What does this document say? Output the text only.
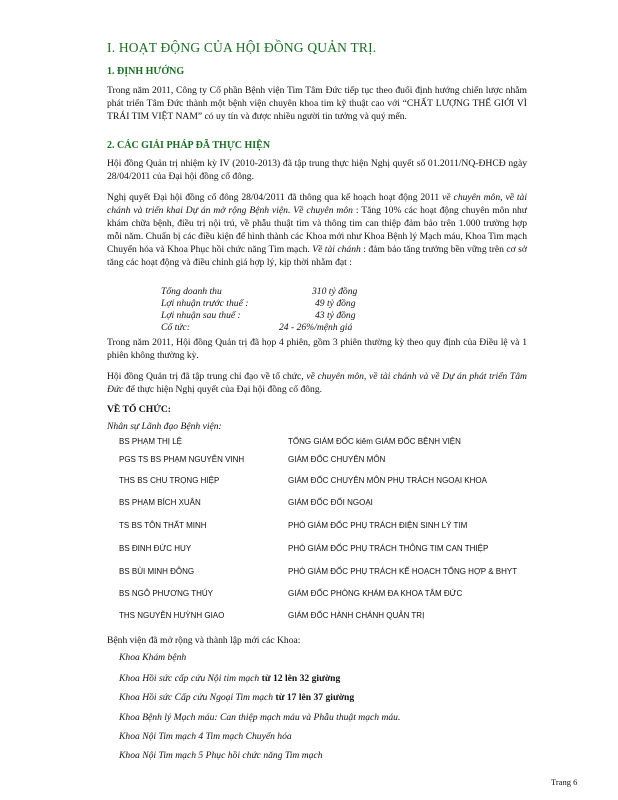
I. HOẠT ĐỘNG CỦA HỘI ĐỒNG QUẢN TRỊ.
1. ĐỊNH HƯỚNG
Trong năm 2011, Công ty Cổ phần Bệnh viện Tim Tâm Đức tiếp tục theo đuổi định hướng chiến lược nhằm phát triển Tâm Đức thành một bệnh viện chuyên khoa tim kỹ thuật cao với “CHẤT LƯỢNG THẾ GIỚI VÌ TRÁI TIM VIỆT NAM” có uy tín và được nhiều người tin tưởng và quý mến.
2. CÁC GIẢI PHÁP ĐÃ THỰC HIỆN
Hội đồng Quản trị nhiệm kỳ IV (2010-2013) đã tập trung thực hiện Nghị quyết số 01.2011/NQ-ĐHCĐ ngày 28/04/2011 của Đại hội đồng cổ đông.
Nghị quyết Đại hội đồng cổ đông 28/04/2011 đã thông qua kế hoạch hoạt động 2011 về chuyên môn, về tài chánh và triển khai Dự án mở rộng Bệnh viện. Về chuyên môn : Tăng 10% các hoạt động chuyên môn như khám chữa bệnh, điều trị nội trú, về phẫu thuật tim và thông tim can thiệp đảm bảo trên 1.000 trường hợp mỗi năm. Chuẩn bị các điều kiện để hình thành các Khoa mới như Khoa Bệnh lý Mạch máu, Khoa Tim mạch Chuyển hóa và Khoa Phục hồi chức năng Tim mạch. Về tài chánh : đảm bảo tăng trưởng bền vững trên cơ sở tăng các hoạt động và điều chỉnh giá hợp lý, kịp thời nhằm đạt :
Tổng doanh thu	310 tỷ đồng
Lợi nhuận trước thuế :	49 tỷ đồng
Lợi nhuận sau thuế :	43 tỷ đồng
Cổ tức:	24 - 26%/mệnh giá
Trong năm 2011, Hội đồng Quản trị đã họp 4 phiên, gồm 3 phiên thường kỳ theo quy định của Điều lệ và 1 phiên không thường kỳ.
Hội đồng Quản trị đã tập trung chỉ đạo về tổ chức, về chuyên môn, về tài chánh và về Dự án phát triển Tâm Đức để thực hiện Nghị quyết của Đại hội đồng cổ đông.
VỀ TỔ CHỨC:
Nhân sự Lãnh đạo Bệnh viện:
BS PHẠM THỊ LỆ	TỔNG GIÁM ĐỐC kiêm GIÁM ĐỐC BỆNH VIỆN
PGS TS BS PHẠM NGUYỄN VINH	GIÁM ĐỐC CHUYÊN MÔN
THS BS CHU TRỌNG HIỆP	GIÁM ĐỐC CHUYÊN MÔN PHỤ TRÁCH NGOẠI KHOA
BS PHẠM BÍCH XUÂN	GIÁM ĐỐC ĐỐI NGOẠI
TS BS TÔN THẤT MINH	PHÓ GIÁM ĐỐC PHỤ TRÁCH ĐIỆN SINH LÝ TIM
BS ĐINH ĐỨC HUY	PHÓ GIÁM ĐỐC PHỤ TRÁCH THÔNG TIM CAN THIỆP
BS BÙI MINH ĐÔNG	PHÓ GIÁM ĐỐC PHỤ TRÁCH KẾ HOẠCH TỔNG HỢP & BHYT
BS NGÔ PHƯƠNG THÚY	GIÁM ĐỐC PHÒNG KHÁM ĐA KHOA TÂM ĐỨC
THS NGUYỄN HUỲNH GIAO	GIÁM ĐỐC HÀNH CHÁNH QUẢN TRỊ
Bệnh viện đã mở rộng và thành lập mới các Khoa:
Khoa Khám bệnh
Khoa Hồi sức cấp cứu Nội tim mạch từ 12 lên 32 giường
Khoa Hồi sức Cấp cứu Ngoại Tim mạch từ 17 lên 37 giường
Khoa Bệnh lý Mạch máu: Can thiệp mạch máu và Phẫu thuật mạch máu.
Khoa Nội Tim mạch 4 Tim mạch Chuyển hóa
Khoa Nội Tim mạch 5 Phục hồi chức năng Tim mạch
Trang 6
